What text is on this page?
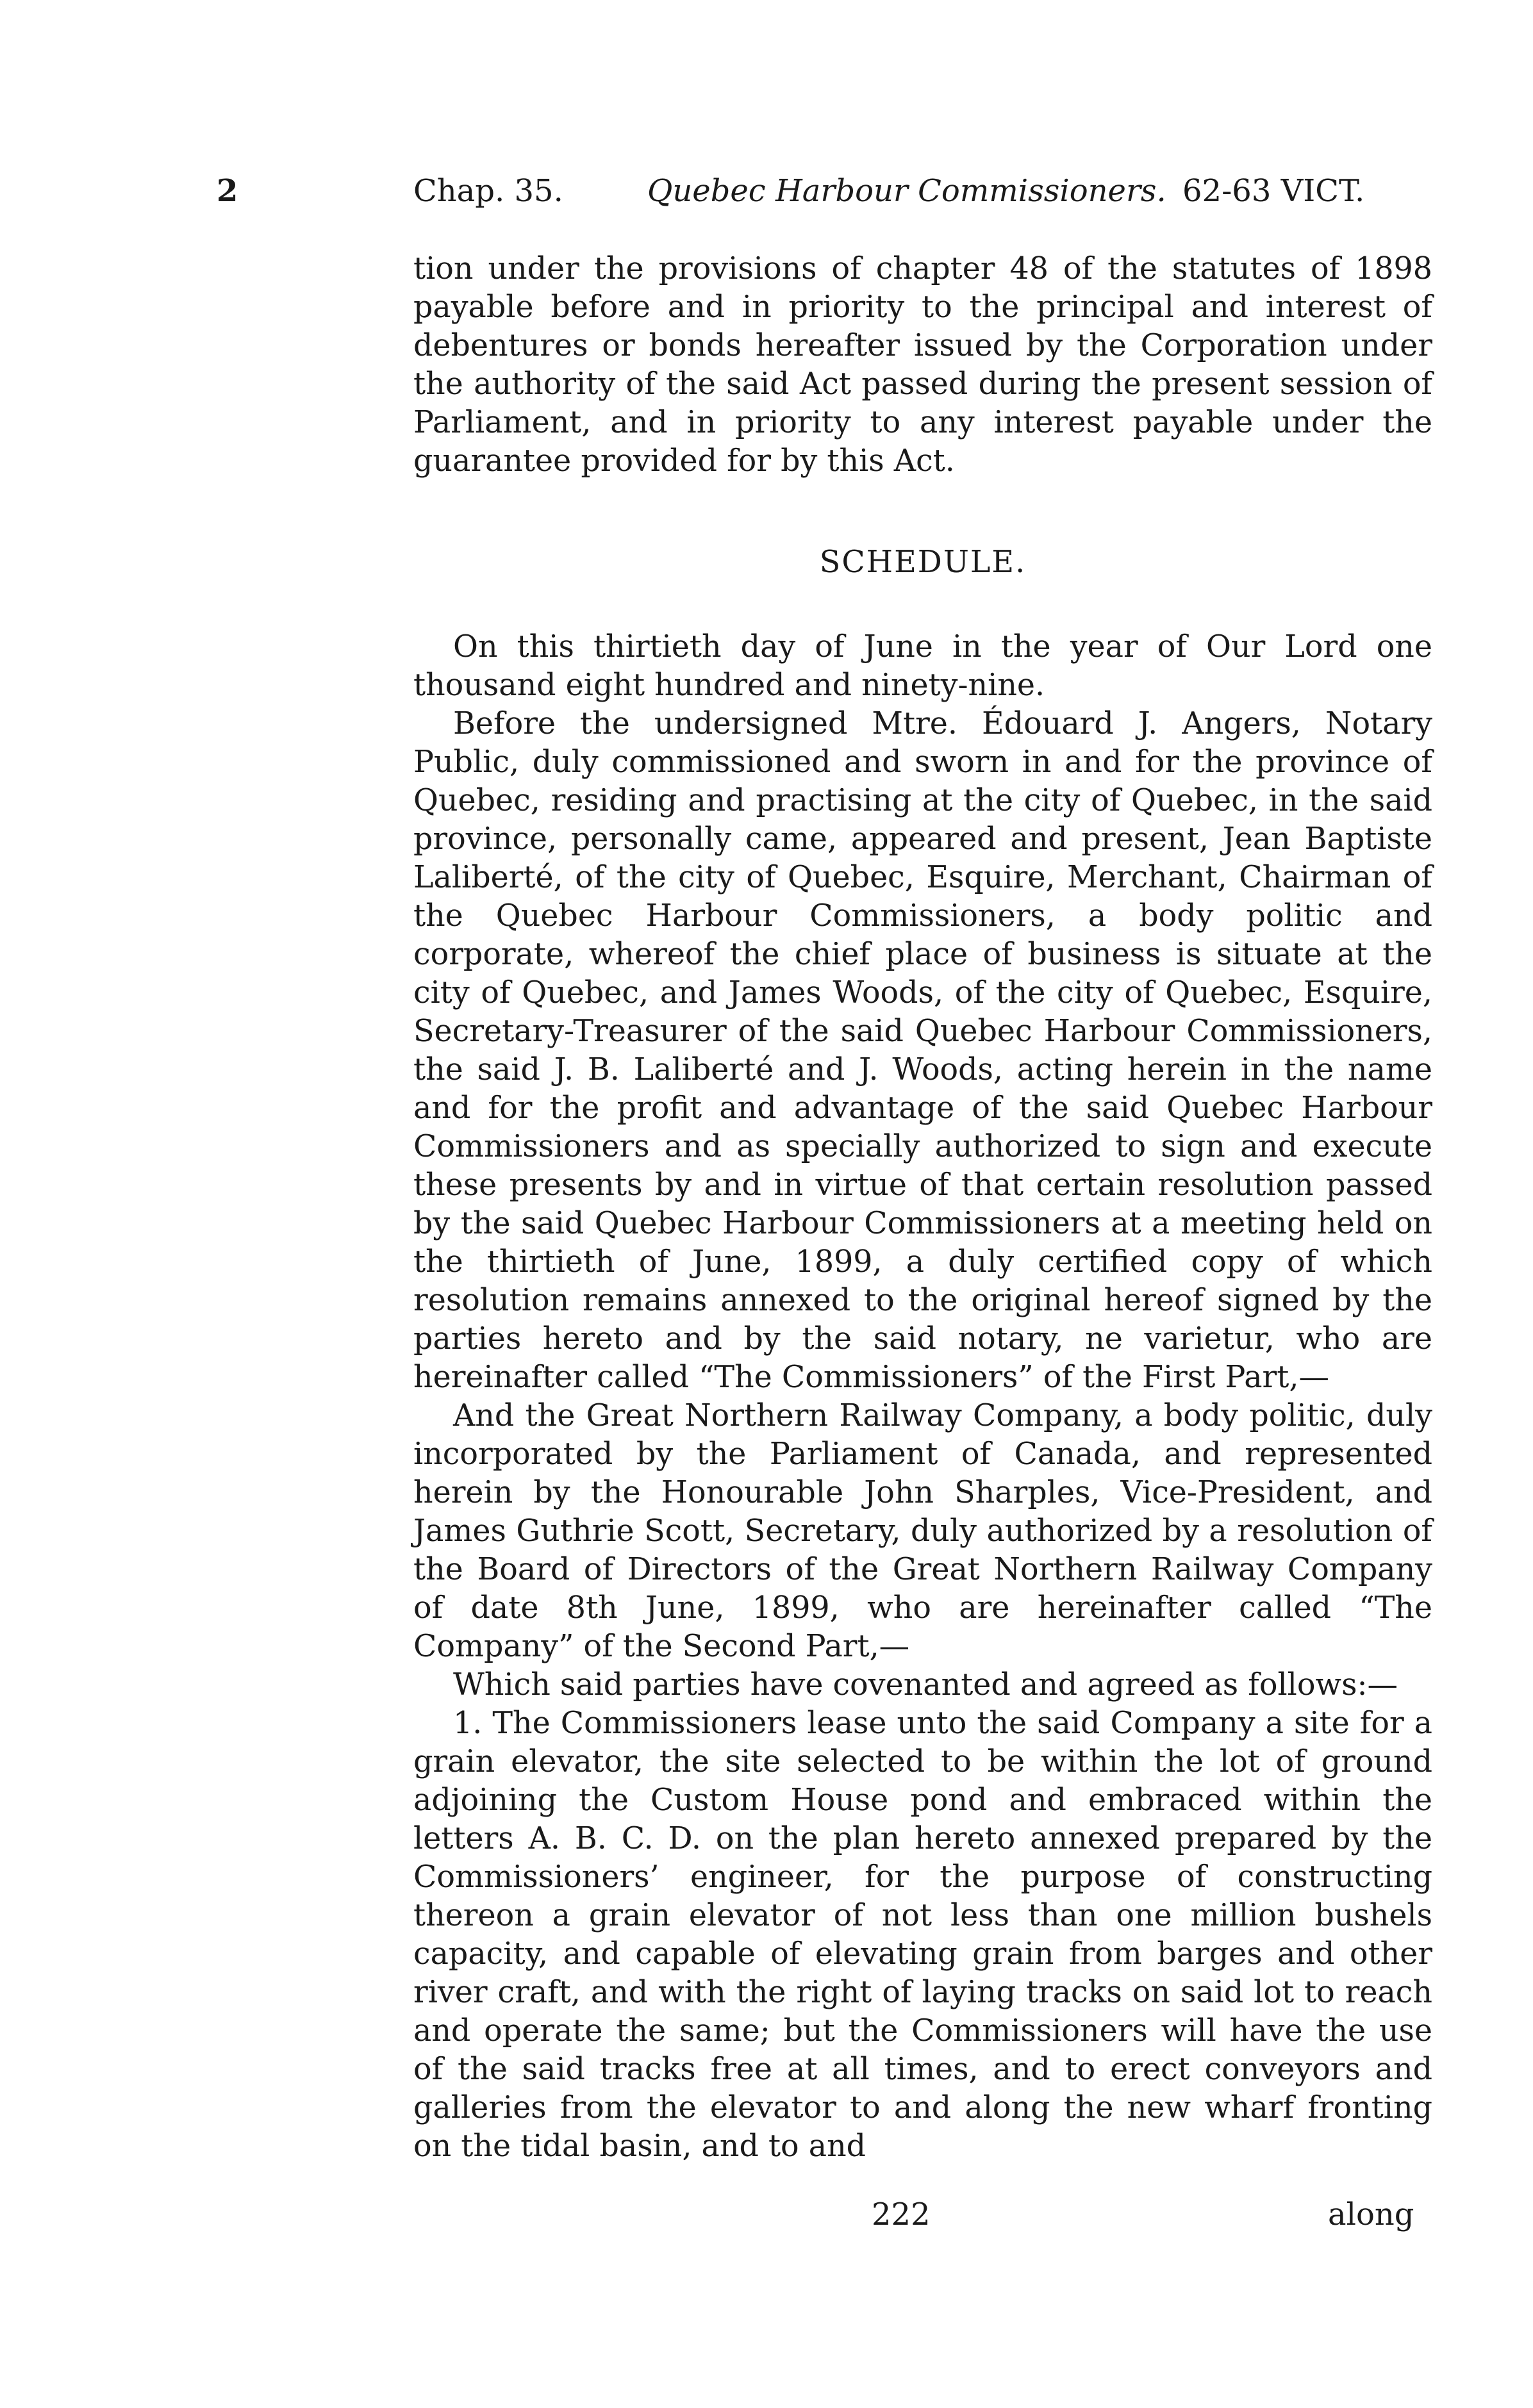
2	Chap. 35.	Quebec Harbour Commissioners. 62-63 VICT.

tion under the provisions of chapter 48 of the statutes of 1898 payable before and in priority to the principal and interest of debentures or bonds hereafter issued by the Corporation under the authority of the said Act passed during the present session of Parliament, and in priority to any interest payable under the guarantee provided for by this Act.

SCHEDULE.

On this thirtieth day of June in the year of Our Lord one thousand eight hundred and ninety-nine.

Before the undersigned Mtre. Édouard J. Angers, Notary Public, duly commissioned and sworn in and for the province of Quebec, residing and practising at the city of Quebec, in the said province, personally came, appeared and present, Jean Baptiste Laliberté, of the city of Quebec, Esquire, Merchant, Chairman of the Quebec Harbour Commissioners, a body politic and corporate, whereof the chief place of business is situate at the city of Quebec, and James Woods, of the city of Quebec, Esquire, Secretary-Treasurer of the said Quebec Harbour Commissioners, the said J. B. Laliberté and J. Woods, acting herein in the name and for the profit and advantage of the said Quebec Harbour Commissioners and as specially authorized to sign and execute these presents by and in virtue of that certain resolution passed by the said Quebec Harbour Commissioners at a meeting held on the thirtieth of June, 1899, a duly certified copy of which resolution remains annexed to the original hereof signed by the parties hereto and by the said notary, ne varietur, who are hereinafter called “The Commissioners” of the First Part,—

And the Great Northern Railway Company, a body politic, duly incorporated by the Parliament of Canada, and represented herein by the Honourable John Sharples, Vice-President, and James Guthrie Scott, Secretary, duly authorized by a resolution of the Board of Directors of the Great Northern Railway Company of date 8th June, 1899, who are hereinafter called “The Company” of the Second Part,—

Which said parties have covenanted and agreed as follows:—

1. The Commissioners lease unto the said Company a site for a grain elevator, the site selected to be within the lot of ground adjoining the Custom House pond and embraced within the letters A. B. C. D. on the plan hereto annexed prepared by the Commissioners’ engineer, for the purpose of constructing thereon a grain elevator of not less than one million bushels capacity, and capable of elevating grain from barges and other river craft, and with the right of laying tracks on said lot to reach and operate the same; but the Commissioners will have the use of the said tracks free at all times, and to erect conveyors and galleries from the elevator to and along the new wharf fronting on the tidal basin, and to and

222	along
